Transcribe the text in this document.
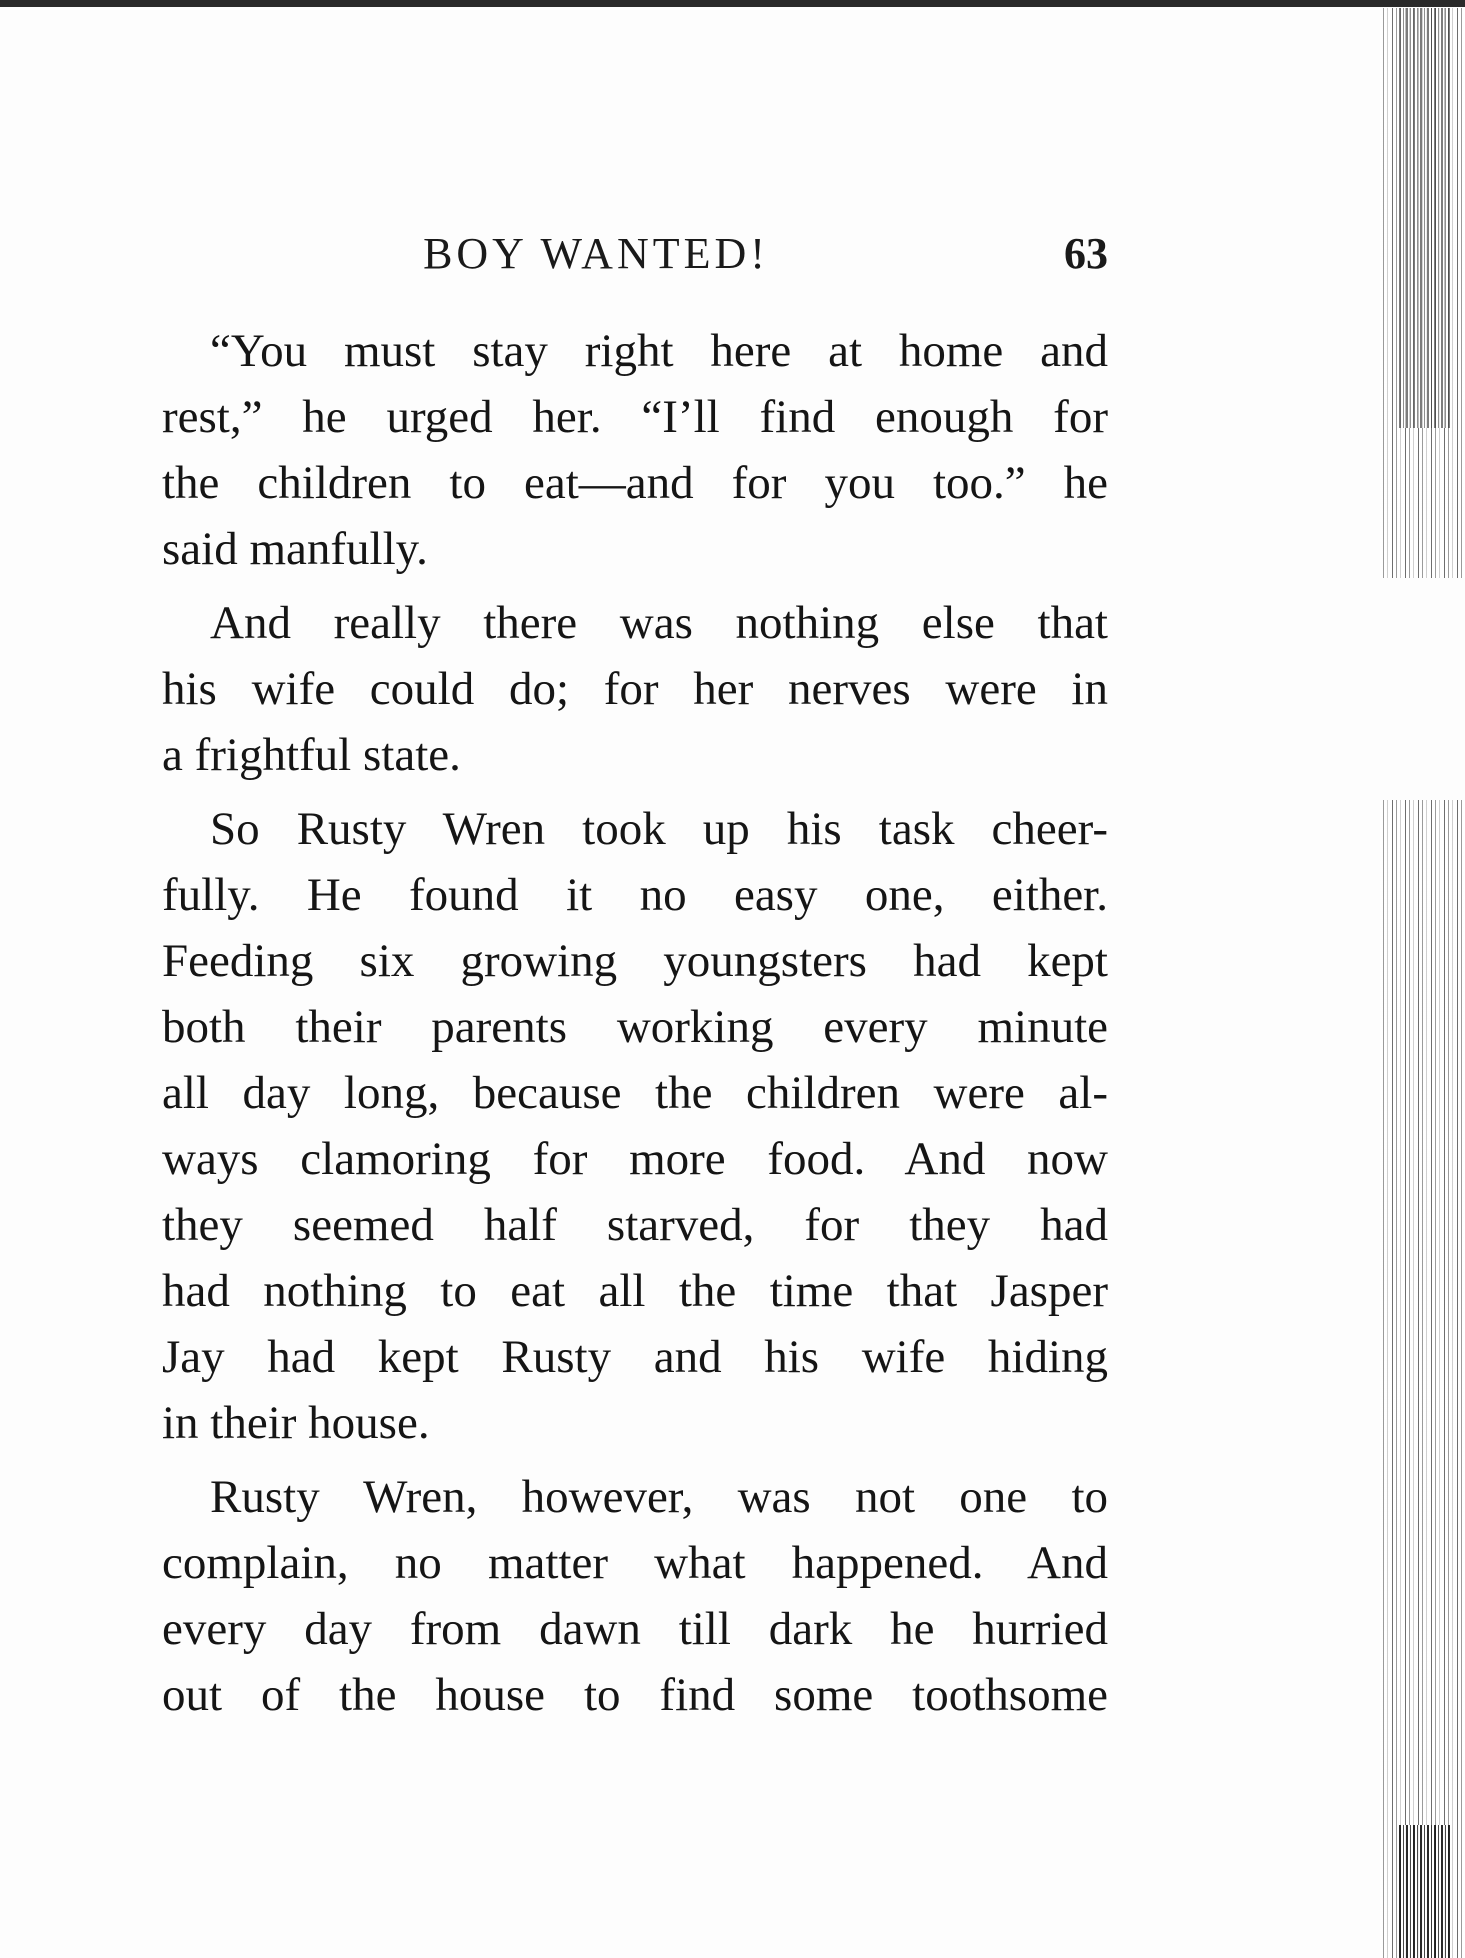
BOY WANTED!	63

“You must stay right here at home and
rest,” he urged her. “I’ll find enough for
the children to eat—and for you too.” he
said manfully.

And really there was nothing else that
his wife could do; for her nerves were in
a frightful state.

So Rusty Wren took up his task cheer-
fully. He found it no easy one, either.
Feeding six growing youngsters had kept
both their parents working every minute
all day long, because the children were al-
ways clamoring for more food. And now
they seemed half starved, for they had
had nothing to eat all the time that Jasper
Jay had kept Rusty and his wife hiding
in their house.

Rusty Wren, however, was not one to
complain, no matter what happened. And
every day from dawn till dark he hurried
out of the house to find some toothsome
